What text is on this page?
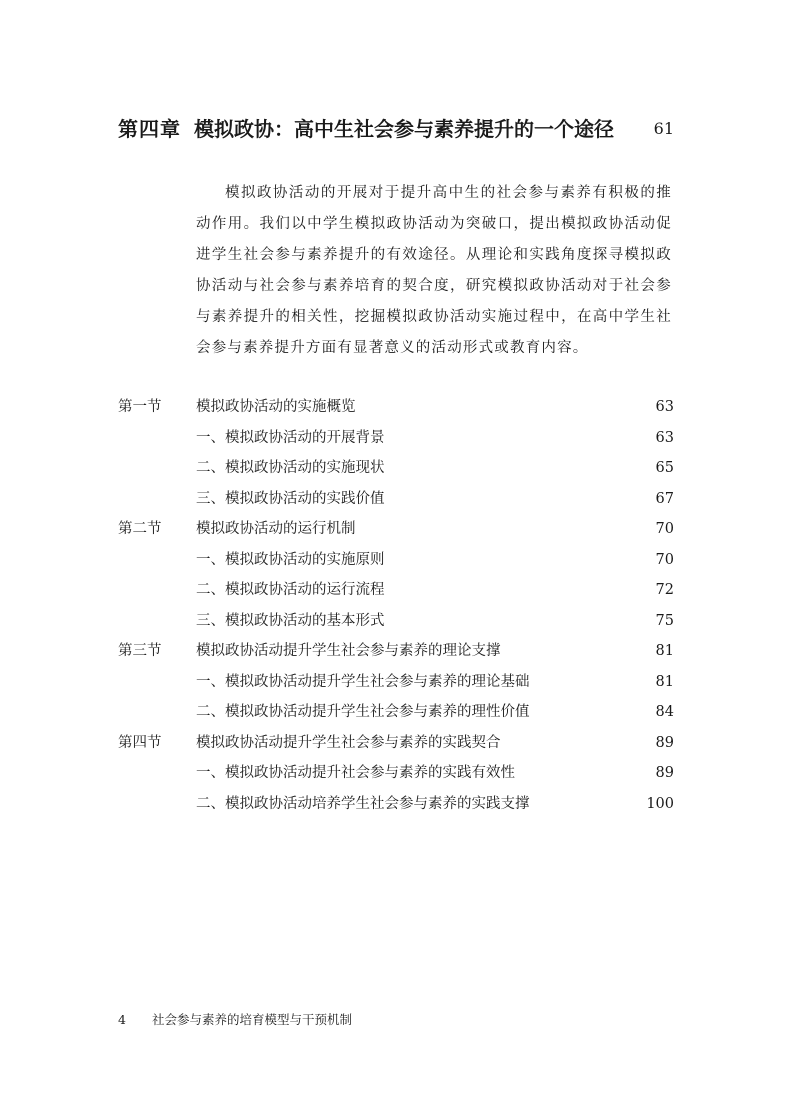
第四章 模拟政协：高中生社会参与素养提升的一个途径 61

模拟政协活动的开展对于提升高中生的社会参与素养有积极的推动作用。我们以中学生模拟政协活动为突破口，提出模拟政协活动促进学生社会参与素养提升的有效途径。从理论和实践角度探寻模拟政协活动与社会参与素养培育的契合度，研究模拟政协活动对于社会参与素养提升的相关性，挖掘模拟政协活动实施过程中，在高中学生社会参与素养提升方面有显著意义的活动形式或教育内容。

第一节 模拟政协活动的实施概览	63
一、模拟政协活动的开展背景	63
二、模拟政协活动的实施现状	65
三、模拟政协活动的实践价值	67
第二节 模拟政协活动的运行机制	70
一、模拟政协活动的实施原则	70
二、模拟政协活动的运行流程	72
三、模拟政协活动的基本形式	75
第三节 模拟政协活动提升学生社会参与素养的理论支撑	81
一、模拟政协活动提升学生社会参与素养的理论基础	81
二、模拟政协活动提升学生社会参与素养的理性价值	84
第四节 模拟政协活动提升学生社会参与素养的实践契合	89
一、模拟政协活动提升社会参与素养的实践有效性	89
二、模拟政协活动培养学生社会参与素养的实践支撑	100
4 社会参与素养的培育模型与干预机制
